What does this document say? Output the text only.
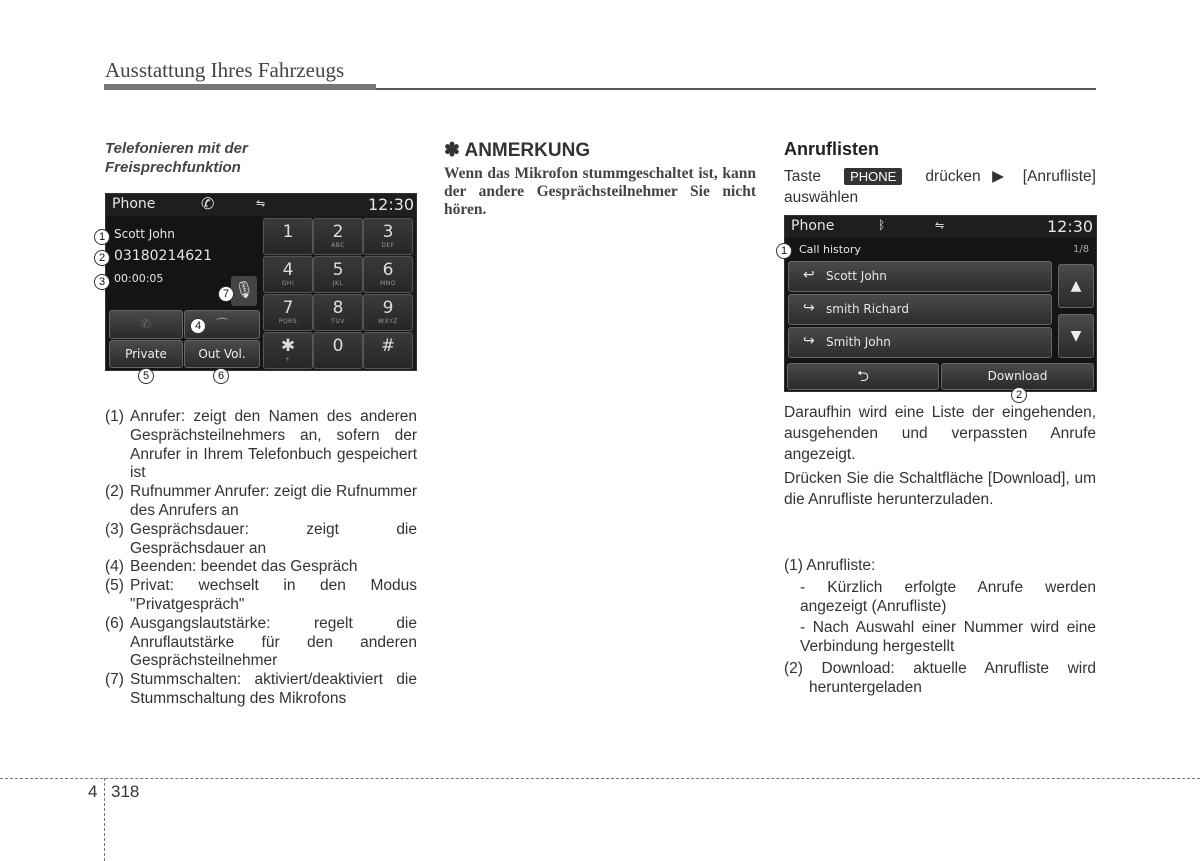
Ausstattung Ihres Fahrzeugs
Telefonieren mit der
Freisprechfunktion
Phone	✆	⇋	12:30
Scott John
03180214621
00:00:05
🎙
✆	⌒
Private	Out Vol.
1	2
ABC
3
DEF
4
GHI
5
JKL
6
MNO
7
PQRS
8
TUV
9
WXYZ
✱
+
0	#
1
2
3
4
5	6
7
(1) Anrufer: zeigt den Namen des anderen Gesprächsteilnehmers an, sofern der Anrufer in Ihrem Telefonbuch gespeichert ist
(2) Rufnummer Anrufer: zeigt die Rufnummer des Anrufers an
(3) Gesprächsdauer: zeigt die Gesprächsdauer an
(4) Beenden: beendet das Gespräch
(5) Privat: wechselt in den Modus "Privatgespräch"
(6) Ausgangslautstärke: regelt die Anruflautstärke für den anderen Gesprächsteilnehmer
(7) Stummschalten: aktiviert/deaktiviert die Stummschaltung des Mikrofons
✽ ANMERKUNG
Wenn das Mikrofon stummgeschaltet ist, kann der andere Gesprächsteilnehmer Sie nicht hören.
Anruflisten
Taste PHONE drücken ▶ [Anrufliste] auswählen
Phone	ᛒ	⇋	12:30
Call history	1/8
↩ Scott John
↪ smith Richard
↪ Smith John
▲
▼
⮌	Download
1
2
Daraufhin wird eine Liste der eingehenden, ausgehenden und verpassten Anrufe angezeigt.
Drücken Sie die Schaltfläche [Download], um die Anrufliste herunterzuladen.
(1) Anrufliste:
- Kürzlich erfolgte Anrufe werden angezeigt (Anrufliste)
- Nach Auswahl einer Nummer wird eine Verbindung hergestellt
(2) Download: aktuelle Anrufliste wird heruntergeladen
4 318
